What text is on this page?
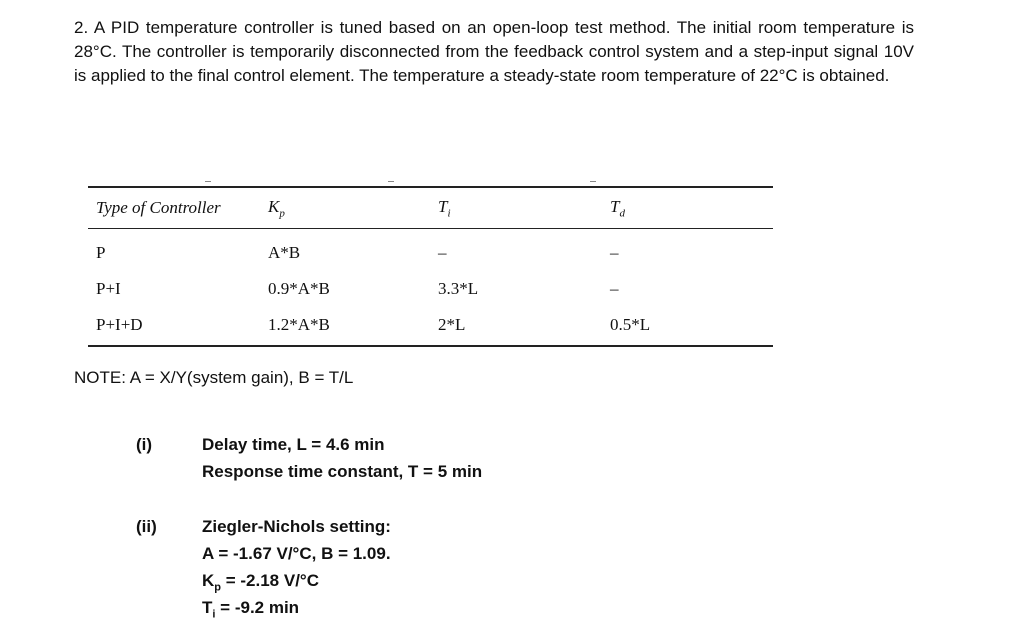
2. A PID temperature controller is tuned based on an open-loop test method. The initial room temperature is 28°C. The controller is temporarily disconnected from the feedback control system and a step-input signal 10V is applied to the final control element. The temperature a steady-state room temperature of 22°C is obtained.

Type of Controller	$K_p$	$T_i$	$T_d$
P	A*B	–	–
P+I	0.9*A*B	3.3*L	–
P+I+D	1.2*A*B	2*L	0.5*L
NOTE: A = X/Y(system gain), B = T/L
(i)	Delay time, L = 4.6 min
Response time constant, T = 5 min
(ii)	Ziegler-Nichols setting:
A = -1.67 V/°C, B = 1.09.
$K_p = -2.18$ V/°C
$T_i = -9.2$ min
